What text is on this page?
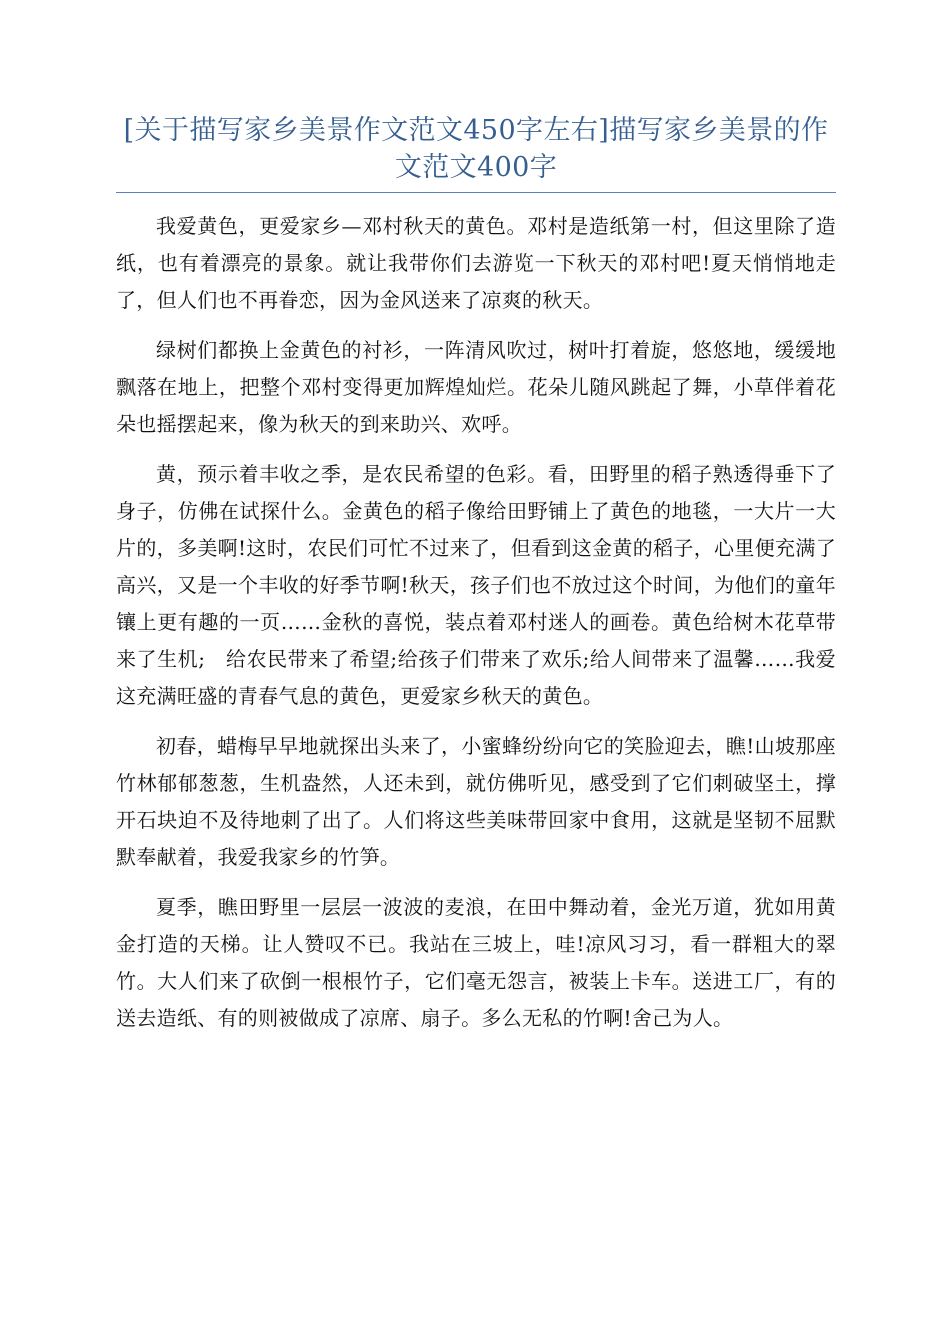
[关于描写家乡美景作文范文450字左右]描写家乡美景的作文范文400字

我爱黄色，更爱家乡—邓村秋天的黄色。邓村是造纸第一村，但这里除了造纸，也有着漂亮的景象。就让我带你们去游览一下秋天的邓村吧!夏天悄悄地走了，但人们也不再眷恋，因为金风送来了凉爽的秋天。

绿树们都换上金黄色的衬衫，一阵清风吹过，树叶打着旋，悠悠地，缓缓地飘落在地上，把整个邓村变得更加辉煌灿烂。花朵儿随风跳起了舞，小草伴着花朵也摇摆起来，像为秋天的到来助兴、欢呼。

黄，预示着丰收之季，是农民希望的色彩。看，田野里的稻子熟透得垂下了身子，仿佛在试探什么。金黄色的稻子像给田野铺上了黄色的地毯，一大片一大片的，多美啊!这时，农民们可忙不过来了，但看到这金黄的稻子，心里便充满了高兴，又是一个丰收的好季节啊!秋天，孩子们也不放过这个时间，为他们的童年镶上更有趣的一页……金秋的喜悦，装点着邓村迷人的画卷。黄色给树木花草带来了生机;　给农民带来了希望;给孩子们带来了欢乐;给人间带来了温馨……我爱这充满旺盛的青春气息的黄色，更爱家乡秋天的黄色。

初春，蜡梅早早地就探出头来了，小蜜蜂纷纷向它的笑脸迎去，瞧!山坡那座竹林郁郁葱葱，生机盎然，人还未到，就仿佛听见，感受到了它们刺破坚土，撑开石块迫不及待地刺了出了。人们将这些美味带回家中食用，这就是坚韧不屈默默奉献着，我爱我家乡的竹笋。

夏季，瞧田野里一层层一波波的麦浪，在田中舞动着，金光万道，犹如用黄金打造的天梯。让人赞叹不已。我站在三坡上，哇!凉风习习，看一群粗大的翠竹。大人们来了砍倒一根根竹子，它们毫无怨言，被装上卡车。送进工厂，有的送去造纸、有的则被做成了凉席、扇子。多么无私的竹啊!舍己为人。
